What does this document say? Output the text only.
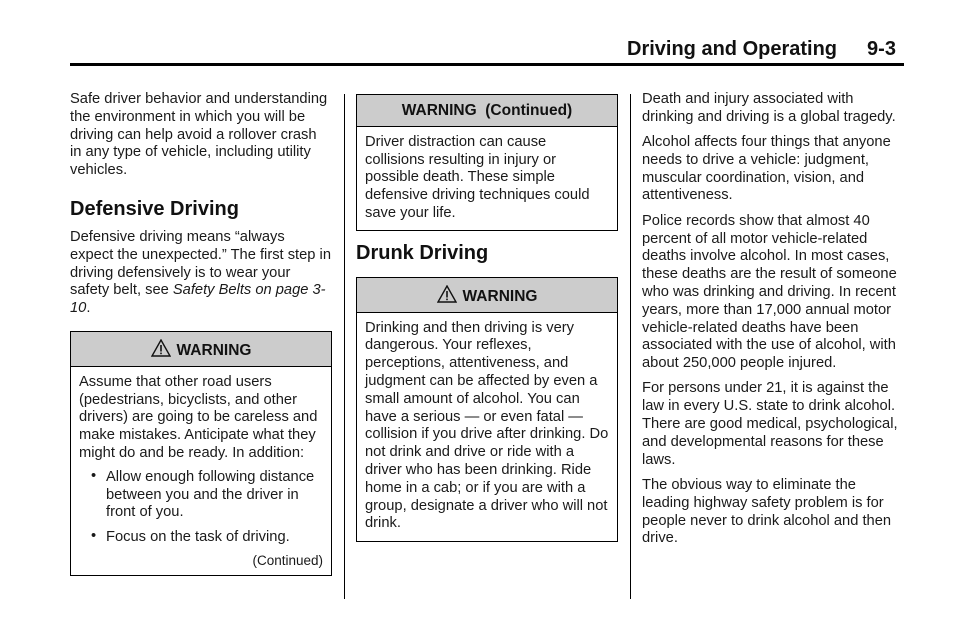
Driving and Operating 9-3

Safe driver behavior and understanding the environment in which you will be driving can help avoid a rollover crash in any type of vehicle, including utility vehicles.

Defensive Driving

Defensive driving means “always expect the unexpected.” The first step in driving defensively is to wear your safety belt, see Safety Belts on page 3-10.

WARNING

Assume that other road users (pedestrians, bicyclists, and other drivers) are going to be careless and make mistakes. Anticipate what they might do and be ready. In addition:

• Allow enough following distance between you and the driver in front of you.
• Focus on the task of driving.
(Continued)
WARNING  (Continued)

Driver distraction can cause collisions resulting in injury or possible death. These simple defensive driving techniques could save your life.

Drunk Driving
WARNING

Drinking and then driving is very dangerous. Your reflexes, perceptions, attentiveness, and judgment can be affected by even a small amount of alcohol. You can have a serious — or even fatal — collision if you drive after drinking. Do not drink and drive or ride with a driver who has been drinking. Ride home in a cab; or if you are with a group, designate a driver who will not drink.

Death and injury associated with drinking and driving is a global tragedy.

Alcohol affects four things that anyone needs to drive a vehicle: judgment, muscular coordination, vision, and attentiveness.

Police records show that almost 40 percent of all motor vehicle-related deaths involve alcohol. In most cases, these deaths are the result of someone who was drinking and driving. In recent years, more than 17,000 annual motor vehicle-related deaths have been associated with the use of alcohol, with about 250,000 people injured.

For persons under 21, it is against the law in every U.S. state to drink alcohol. There are good medical, psychological, and developmental reasons for these laws.

The obvious way to eliminate the leading highway safety problem is for people never to drink alcohol and then drive.
